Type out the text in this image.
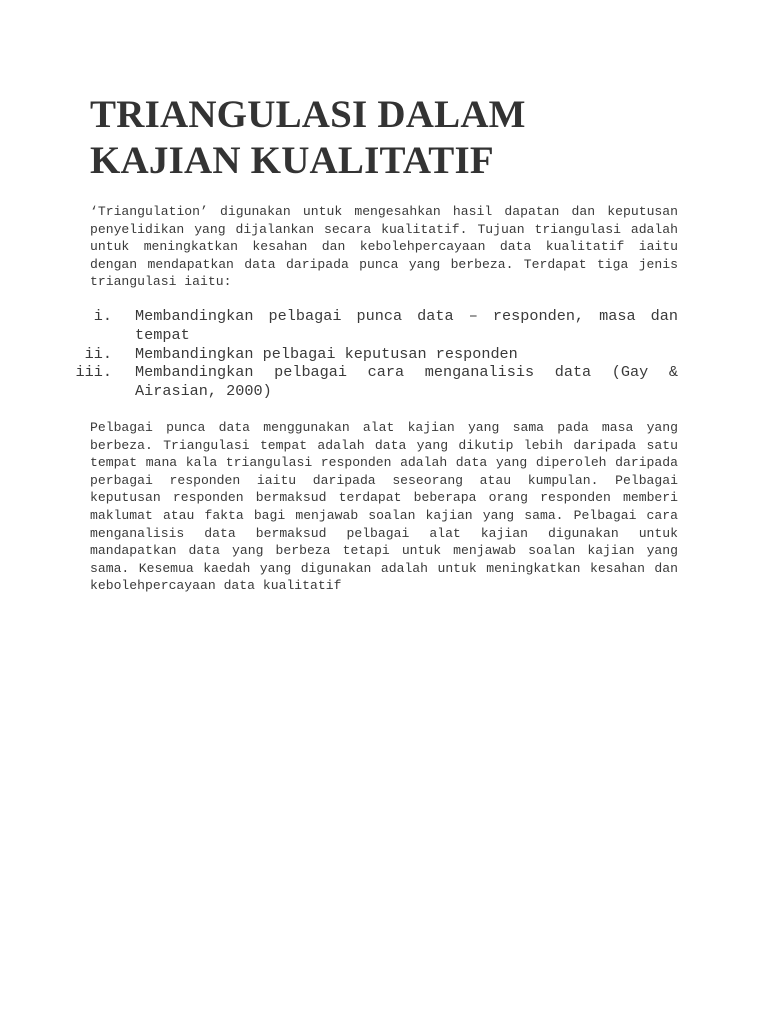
TRIANGULASI DALAM
KAJIAN KUALITATIF

‘Triangulation’ digunakan untuk mengesahkan hasil dapatan dan keputusan penyelidikan yang dijalankan secara kualitatif. Tujuan triangulasi adalah untuk meningkatkan kesahan dan kebolehpercayaan data kualitatif iaitu dengan mendapatkan data daripada punca yang berbeza. Terdapat tiga jenis triangulasi iaitu:

i. Membandingkan pelbagai punca data – responden, masa dan tempat
ii. Membandingkan pelbagai keputusan responden
iii. Membandingkan pelbagai cara menganalisis data (Gay & Airasian, 2000)

Pelbagai punca data menggunakan alat kajian yang sama pada masa yang berbeza. Triangulasi tempat adalah data yang dikutip lebih daripada satu tempat mana kala triangulasi responden adalah data yang diperoleh daripada perbagai responden iaitu daripada seseorang atau kumpulan. Pelbagai keputusan responden bermaksud terdapat beberapa orang responden memberi maklumat atau fakta bagi menjawab soalan kajian yang sama. Pelbagai cara menganalisis data bermaksud pelbagai alat kajian digunakan untuk mandapatkan data yang berbeza tetapi untuk menjawab soalan kajian yang sama. Kesemua kaedah yang digunakan adalah untuk meningkatkan kesahan dan kebolehpercayaan data kualitatif
